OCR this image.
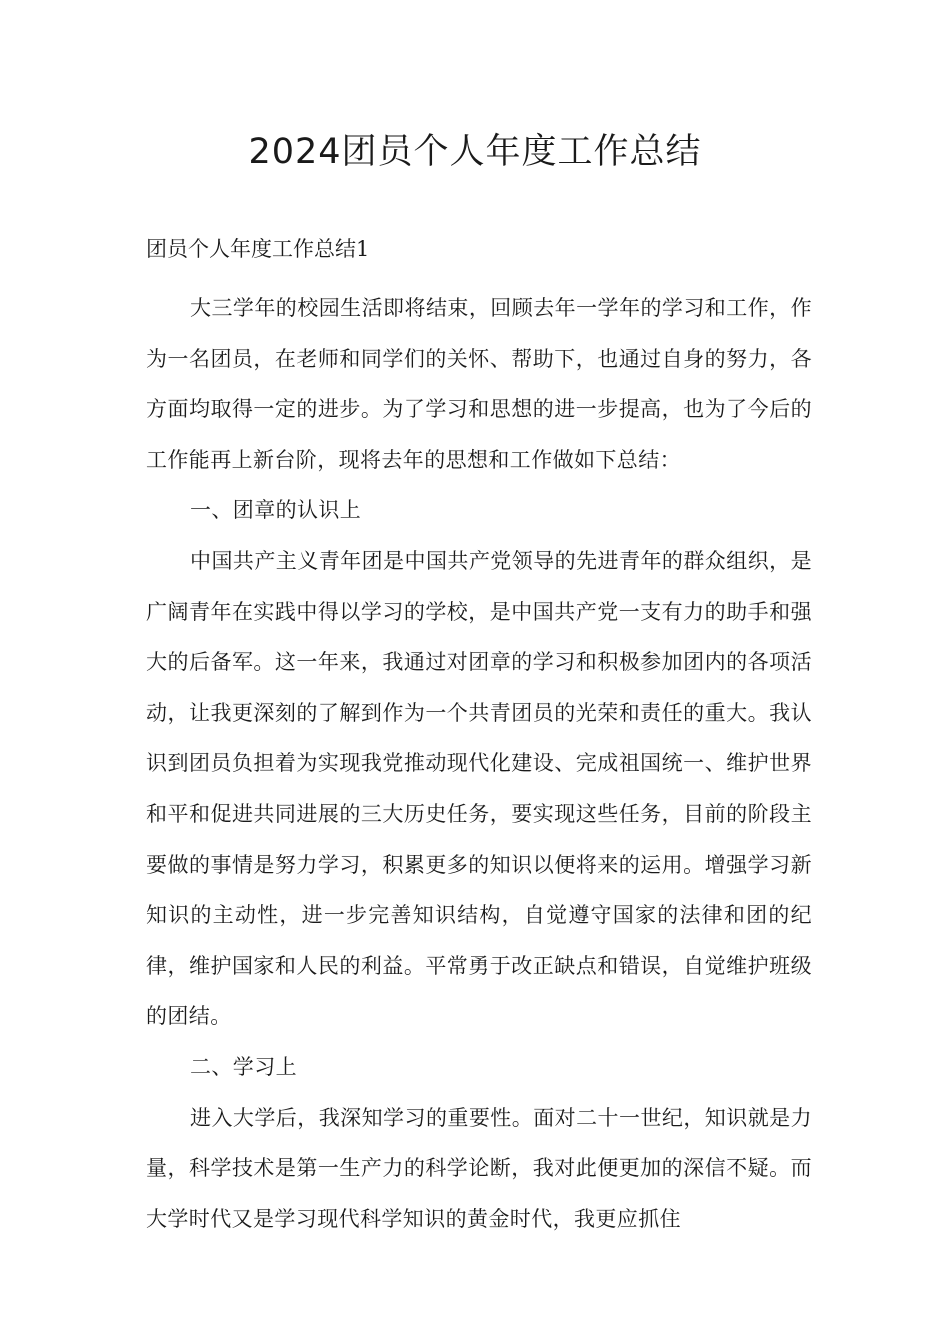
2024团员个人年度工作总结

团员个人年度工作总结1

大三学年的校园生活即将结束，回顾去年一学年的学习和工作，作为一名团员，在老师和同学们的关怀、帮助下，也通过自身的努力，各方面均取得一定的进步。为了学习和思想的进一步提高，也为了今后的工作能再上新台阶，现将去年的思想和工作做如下总结：

一、团章的认识上

中国共产主义青年团是中国共产党领导的先进青年的群众组织，是广阔青年在实践中得以学习的学校，是中国共产党一支有力的助手和强大的后备军。这一年来，我通过对团章的学习和积极参加团内的各项活动，让我更深刻的了解到作为一个共青团员的光荣和责任的重大。我认识到团员负担着为实现我党推动现代化建设、完成祖国统一、维护世界和平和促进共同进展的三大历史任务，要实现这些任务，目前的阶段主要做的事情是努力学习，积累更多的知识以便将来的运用。增强学习新知识的主动性，进一步完善知识结构，自觉遵守国家的法律和团的纪律，维护国家和人民的利益。平常勇于改正缺点和错误，自觉维护班级的团结。

二、学习上

进入大学后，我深知学习的重要性。面对二十一世纪，知识就是力量，科学技术是第一生产力的科学论断，我对此便更加的深信不疑。而大学时代又是学习现代科学知识的黄金时代，我更应抓住
